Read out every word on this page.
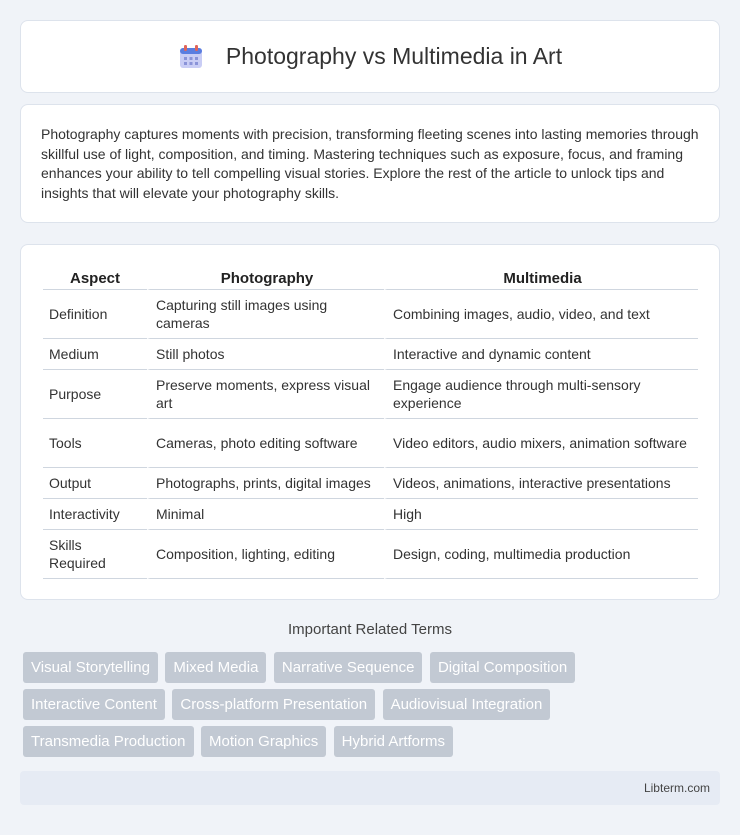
Photography vs Multimedia in Art

Photography captures moments with precision, transforming fleeting scenes into lasting memories through skillful use of light, composition, and timing. Mastering techniques such as exposure, focus, and framing enhances your ability to tell compelling visual stories. Explore the rest of the article to unlock tips and insights that will elevate your photography skills.

Aspect	Photography	Multimedia
Definition	Capturing still images using cameras	Combining images, audio, video, and text
Medium	Still photos	Interactive and dynamic content
Purpose	Preserve moments, express visual art	Engage audience through multi-sensory experience
Tools	Cameras, photo editing software	Video editors, audio mixers, animation software
Output	Photographs, prints, digital images	Videos, animations, interactive presentations
Interactivity	Minimal	High
Skills Required	Composition, lighting, editing	Design, coding, multimedia production
Important Related Terms
Visual Storytelling Mixed Media Narrative Sequence Digital Composition
Interactive Content Cross-platform Presentation Audiovisual Integration
Transmedia Production Motion Graphics Hybrid Artforms
Libterm.com
